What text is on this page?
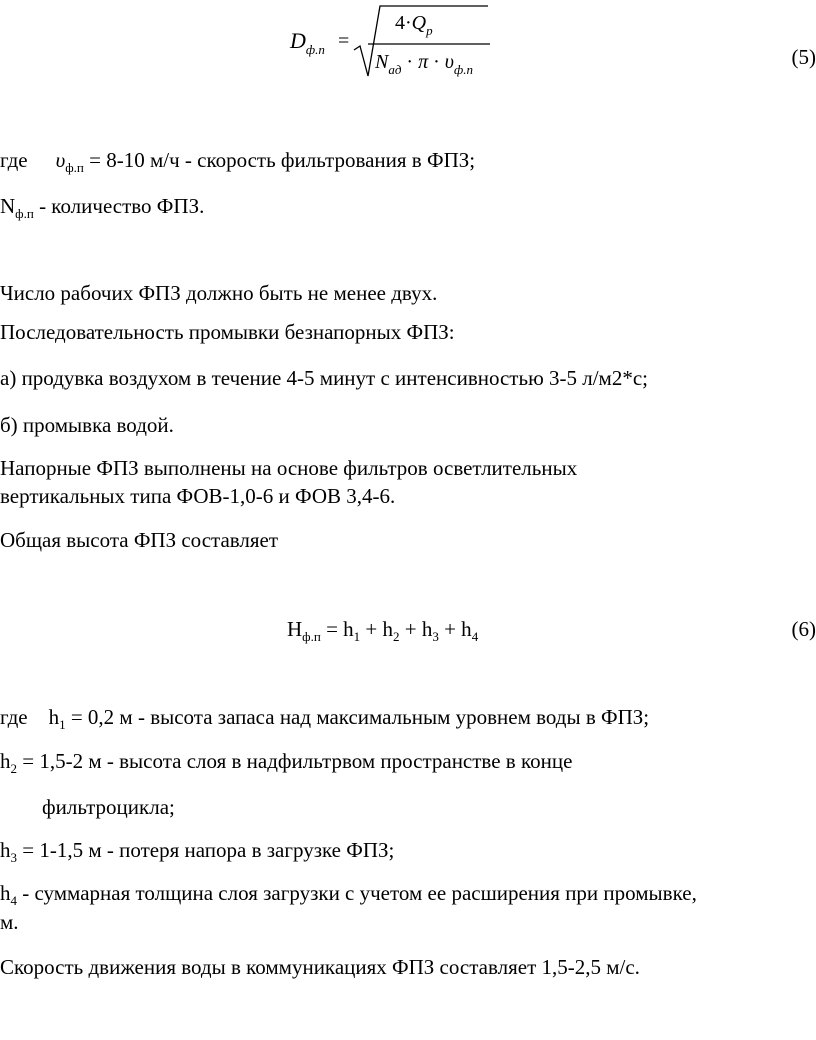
$D_{ф.п}$ =
$4\cdot Q_р$
$N_{ад} \cdot \pi \cdot \upsilon_{ф.п}$
(5)
где $\upsilon_{ф.п} = 8-10$ м/ч - скорость фильтрования в ФПЗ;
$N_{ф.п}$ - количество ФПЗ.
Число рабочих ФПЗ должно быть не менее двух.
Последовательность промывки безнапорных ФПЗ:
а) продувка воздухом в течение 4-5 минут с интенсивностью 3-5 л/м2*с;
б) промывка водой.
Напорные ФПЗ выполнены на основе фильтров осветлительных
вертикальных типа ФОВ-1,0-6 и ФОВ 3,4-6.
Общая высота ФПЗ составляет
$Н_{ф.п} = h_1 + h_2 + h_3 + h_4$	(6)
где    $h_1 = 0,2$ м - высота запаса над максимальным уровнем воды в ФПЗ;
$h_2 = 1,5-2$ м - высота слоя в надфильтрвом пространстве в конце
фильтроцикла;
$h_3 = 1-1,5$ м - потеря напора в загрузке ФПЗ;
$h_4$ - суммарная толщина слоя загрузки с учетом ее расширения при промывке,
м.
Скорость движения воды в коммуникациях ФПЗ составляет 1,5-2,5 м/с.
